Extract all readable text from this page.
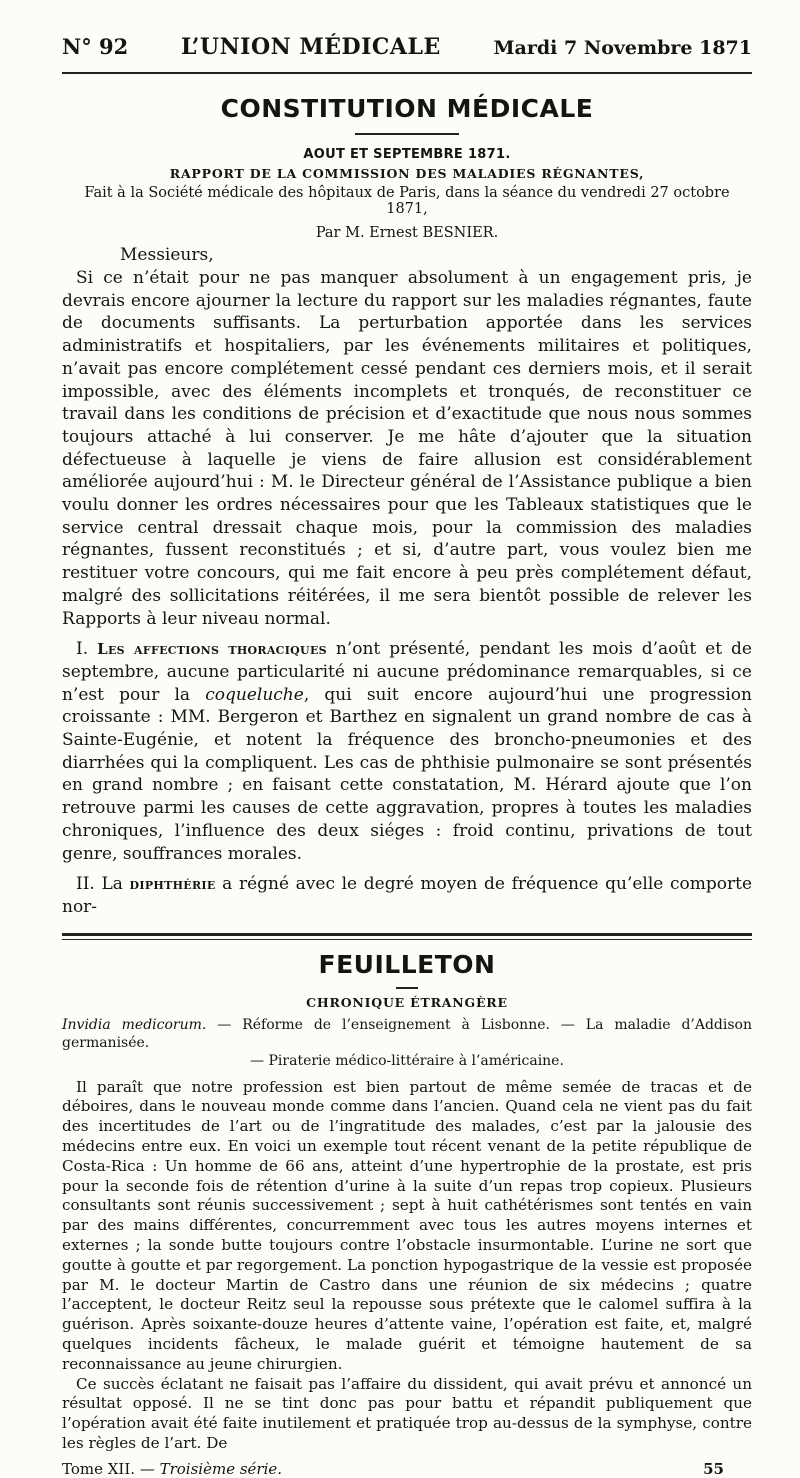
N° 92 L’UNION MÉDICALE	Mardi 7 Novembre 1871
CONSTITUTION MÉDICALE
AOUT ET SEPTEMBRE 1871.
RAPPORT DE LA COMMISSION DES MALADIES RÉGNANTES,
Fait à la Société médicale des hôpitaux de Paris, dans la séance du vendredi 27 octobre 1871,
Par M. Ernest BESNIER.
Messieurs,

Si ce n’était pour ne pas manquer absolument à un engagement pris, je devrais encore ajourner la lecture du rapport sur les maladies régnantes, faute de documents suffisants. La perturbation apportée dans les services administratifs et hospitaliers, par les événements militaires et politiques, n’avait pas encore complétement cessé pendant ces derniers mois, et il serait impossible, avec des éléments incomplets et tronqués, de reconstituer ce travail dans les conditions de précision et d’exactitude que nous nous sommes toujours attaché à lui conserver. Je me hâte d’ajouter que la situation défectueuse à laquelle je viens de faire allusion est considérablement améliorée aujourd’hui : M. le Directeur général de l’Assistance publique a bien voulu donner les ordres nécessaires pour que les Tableaux statistiques que le service central dressait chaque mois, pour la commission des maladies régnantes, fussent reconstitués ; et si, d’autre part, vous voulez bien me restituer votre concours, qui me fait encore à peu près complétement défaut, malgré des sollicitations réitérées, il me sera bientôt possible de relever les Rapports à leur niveau normal.

I. Les affections thoraciques n’ont présenté, pendant les mois d’août et de septembre, aucune particularité ni aucune prédominance remarquables, si ce n’est pour la coqueluche, qui suit encore aujourd’hui une progression croissante : MM. Bergeron et Barthez en signalent un grand nombre de cas à Sainte-Eugénie, et notent la fréquence des broncho-pneumonies et des diarrhées qui la compliquent. Les cas de phthisie pulmonaire se sont présentés en grand nombre ; en faisant cette constatation, M. Hérard ajoute que l’on retrouve parmi les causes de cette aggravation, propres à toutes les maladies chroniques, l’influence des deux siéges : froid continu, privations de tout genre, souffrances morales.

II. La diphthérie a régné avec le degré moyen de fréquence qu’elle comporte nor-

FEUILLETON
CHRONIQUE ÉTRANGÈRE
Invidia medicorum. — Réforme de l’enseignement à Lisbonne. — La maladie d’Addison germanisée.
— Piraterie médico-littéraire à l’américaine.

Il paraît que notre profession est bien partout de même semée de tracas et de déboires, dans le nouveau monde comme dans l’ancien. Quand cela ne vient pas du fait des incertitudes de l’art ou de l’ingratitude des malades, c’est par la jalousie des médecins entre eux. En voici un exemple tout récent venant de la petite république de Costa-Rica : Un homme de 66 ans, atteint d’une hypertrophie de la prostate, est pris pour la seconde fois de rétention d’urine à la suite d’un repas trop copieux. Plusieurs consultants sont réunis successivement ; sept à huit cathétérismes sont tentés en vain par des mains différentes, concurremment avec tous les autres moyens internes et externes ; la sonde butte toujours contre l’obstacle insurmontable. L’urine ne sort que goutte à goutte et par regorgement. La ponction hypogastrique de la vessie est proposée par M. le docteur Martin de Castro dans une réunion de six médecins ; quatre l’acceptent, le docteur Reitz seul la repousse sous prétexte que le calomel suffira à la guérison. Après soixante-douze heures d’attente vaine, l’opération est faite, et, malgré quelques incidents fâcheux, le malade guérit et témoigne hautement de sa reconnaissance au jeune chirurgien.

Ce succès éclatant ne faisait pas l’affaire du dissident, qui avait prévu et annoncé un résultat opposé. Il ne se tint donc pas pour battu et répandit publiquement que l’opération avait été faite inutilement et pratiquée trop au-dessus de la symphyse, contre les règles de l’art. De

Tome XII. — Troisième série.	55
